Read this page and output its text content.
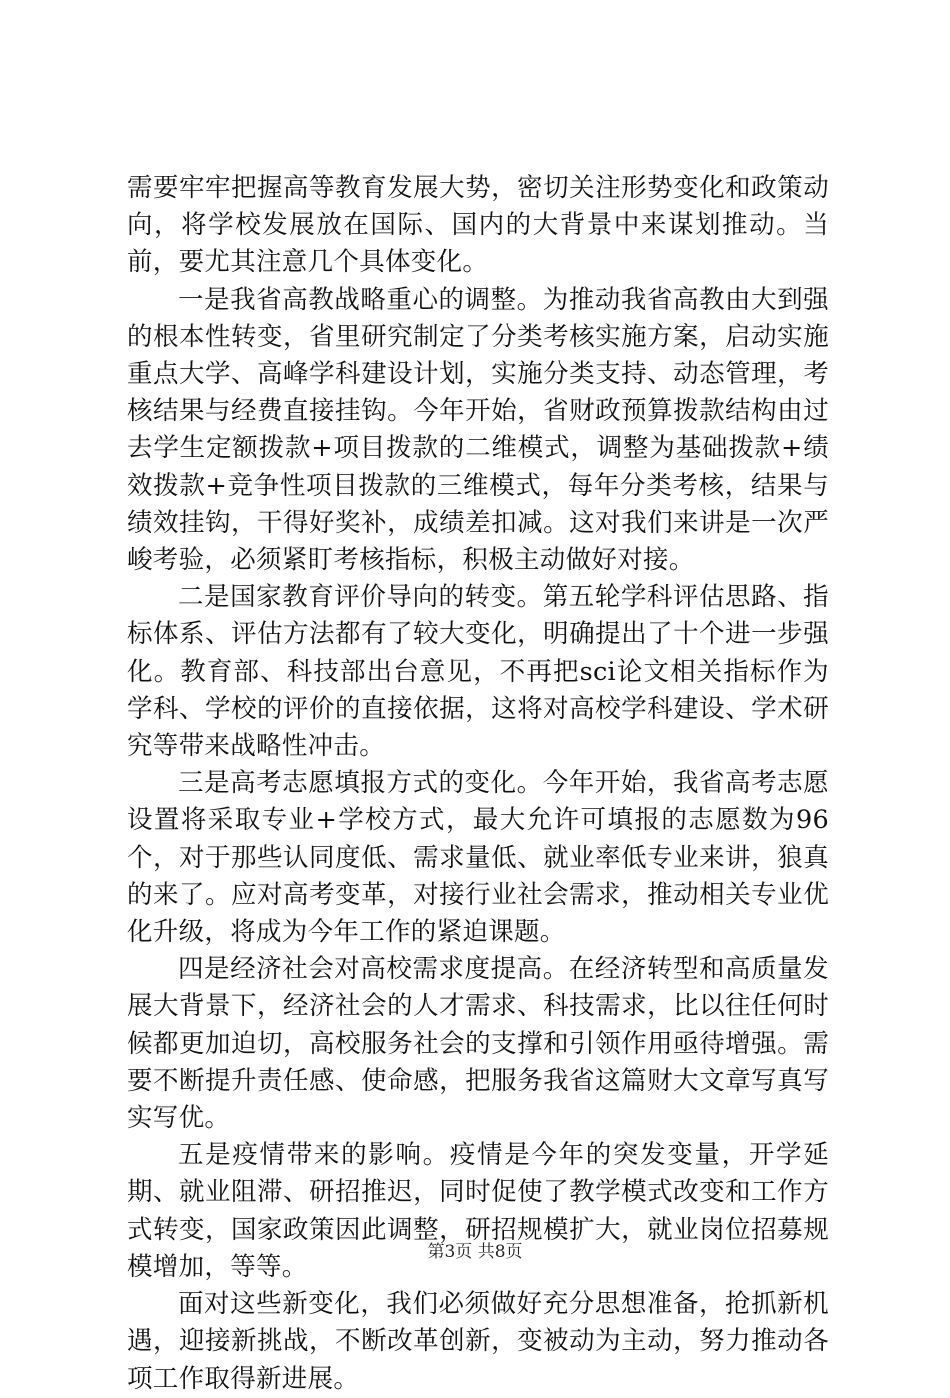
需要牢牢把握高等教育发展大势，密切关注形势变化和政策动向，将学校发展放在国际、国内的大背景中来谋划推动。当前，要尤其注意几个具体变化。

一是我省高教战略重心的调整。为推动我省高教由大到强的根本性转变，省里研究制定了分类考核实施方案，启动实施重点大学、高峰学科建设计划，实施分类支持、动态管理，考核结果与经费直接挂钩。今年开始，省财政预算拨款结构由过去学生定额拨款+项目拨款的二维模式，调整为基础拨款+绩效拨款+竞争性项目拨款的三维模式，每年分类考核，结果与绩效挂钩，干得好奖补，成绩差扣减。这对我们来讲是一次严峻考验，必须紧盯考核指标，积极主动做好对接。

二是国家教育评价导向的转变。第五轮学科评估思路、指标体系、评估方法都有了较大变化，明确提出了十个进一步强化。教育部、科技部出台意见，不再把sci论文相关指标作为学科、学校的评价的直接依据，这将对高校学科建设、学术研究等带来战略性冲击。

三是高考志愿填报方式的变化。今年开始，我省高考志愿设置将采取专业+学校方式，最大允许可填报的志愿数为96个，对于那些认同度低、需求量低、就业率低专业来讲，狼真的来了。应对高考变革，对接行业社会需求，推动相关专业优化升级，将成为今年工作的紧迫课题。

四是经济社会对高校需求度提高。在经济转型和高质量发展大背景下，经济社会的人才需求、科技需求，比以往任何时候都更加迫切，高校服务社会的支撑和引领作用亟待增强。需要不断提升责任感、使命感，把服务我省这篇财大文章写真写实写优。

五是疫情带来的影响。疫情是今年的突发变量，开学延期、就业阻滞、研招推迟，同时促使了教学模式改变和工作方式转变，国家政策因此调整，研招规模扩大，就业岗位招募规模增加，等等。

面对这些新变化，我们必须做好充分思想准备，抢抓新机遇，迎接新挑战，不断改革创新，变被动为主动，努力推动各项工作取得新进展。

第3页 共8页
